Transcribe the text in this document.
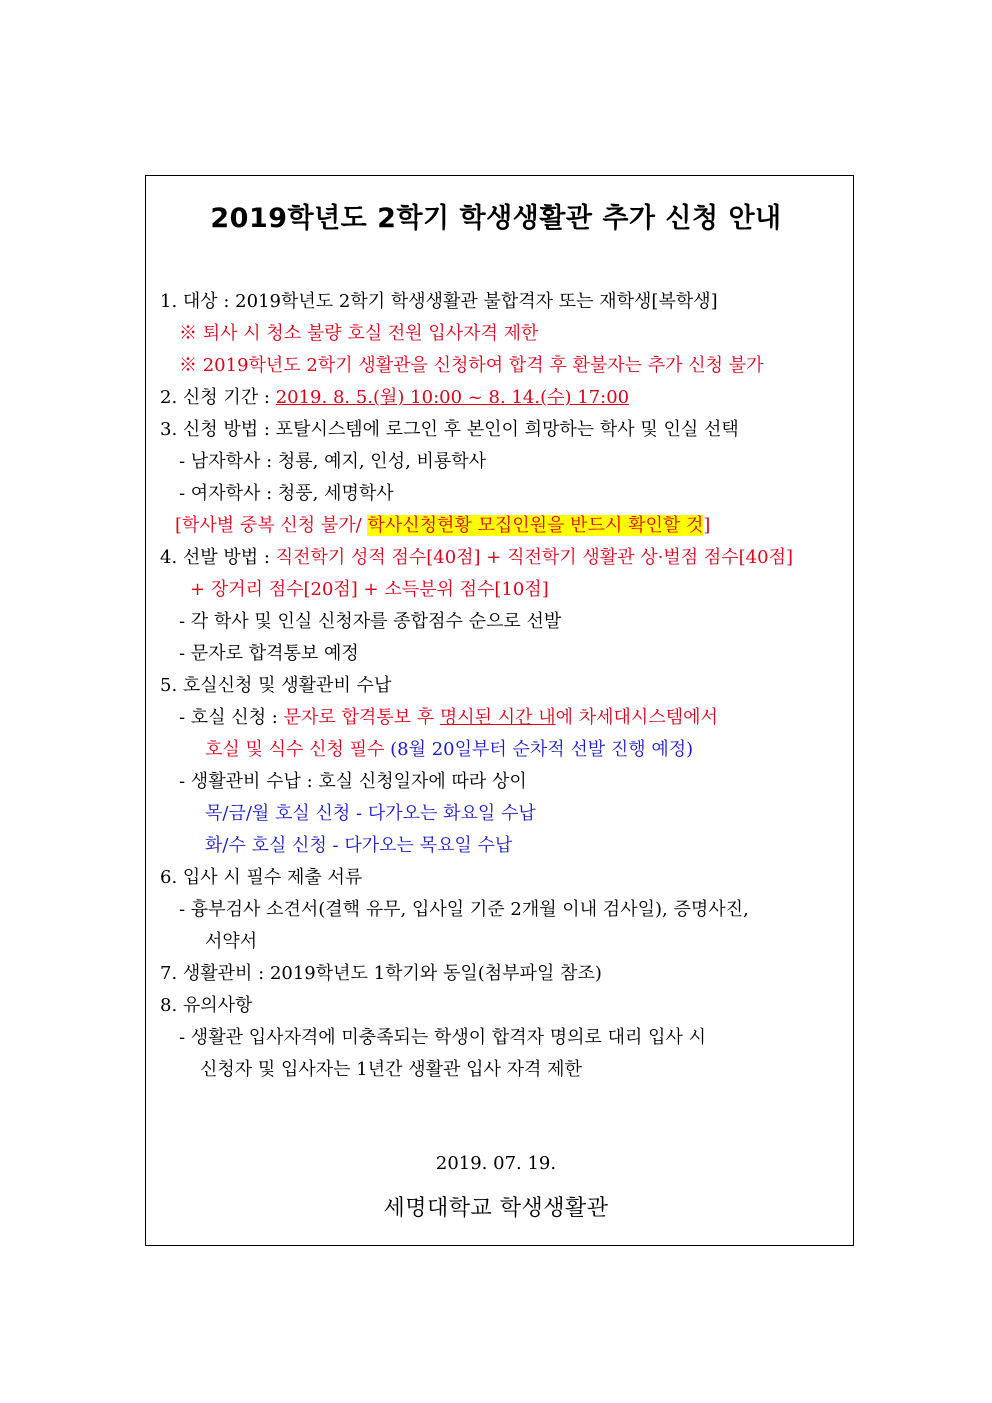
2019학년도 2학기 학생생활관 추가 신청 안내
1. 대상 : 2019학년도 2학기 학생생활관 불합격자 또는 재학생[복학생]
※ 퇴사 시 청소 불량 호실 전원 입사자격 제한
※ 2019학년도 2학기 생활관을 신청하여 합격 후 환불자는 추가 신청 불가
2. 신청 기간 : 2019. 8. 5.(월) 10:00 ~ 8. 14.(수) 17:00
3. 신청 방법 : 포탈시스템에 로그인 후 본인이 희망하는 학사 및 인실 선택
- 남자학사 : 청룡, 예지, 인성, 비룡학사
- 여자학사 : 청풍, 세명학사
[학사별 중복 신청 불가/ 학사신청현황 모집인원을 반드시 확인할 것]
4. 선발 방법 : 직전학기 성적 점수[40점] + 직전학기 생활관 상·벌점 점수[40점]
+ 장거리 점수[20점] + 소득분위 점수[10점]
- 각 학사 및 인실 신청자를 종합점수 순으로 선발
- 문자로 합격통보 예정
5. 호실신청 및 생활관비 수납
- 호실 신청 : 문자로 합격통보 후 명시된 시간 내에 차세대시스템에서
호실 및 식수 신청 필수 (8월 20일부터 순차적 선발 진행 예정)
- 생활관비 수납 : 호실 신청일자에 따라 상이
목/금/월 호실 신청 - 다가오는 화요일 수납
화/수 호실 신청 - 다가오는 목요일 수납
6. 입사 시 필수 제출 서류
- 흉부검사 소견서(결핵 유무, 입사일 기준 2개월 이내 검사일), 증명사진,
서약서
7. 생활관비 : 2019학년도 1학기와 동일(첨부파일 참조)
8. 유의사항
- 생활관 입사자격에 미충족되는 학생이 합격자 명의로 대리 입사 시
신청자 및 입사자는 1년간 생활관 입사 자격 제한
2019. 07. 19.
세명대학교 학생생활관
